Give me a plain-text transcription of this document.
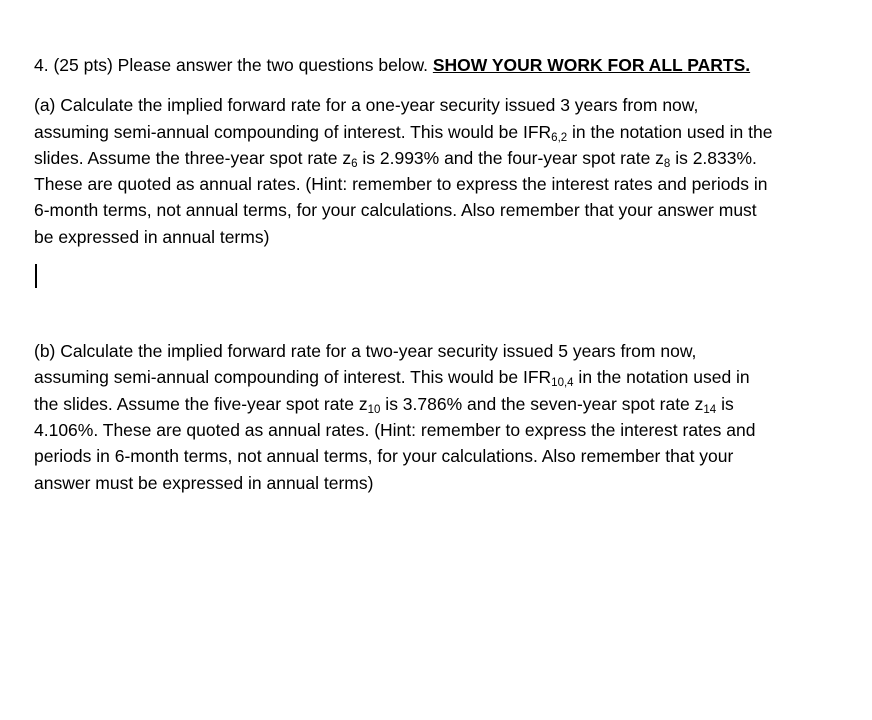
4. (25 pts) Please answer the two questions below. SHOW YOUR WORK FOR ALL PARTS.
(a) Calculate the implied forward rate for a one-year security issued 3 years from now,
assuming semi-annual compounding of interest. This would be $IFR_{6,2}$ in the notation used in the
slides. Assume the three-year spot rate $z_6$ is 2.993% and the four-year spot rate $z_8$ is 2.833%.
These are quoted as annual rates. (Hint: remember to express the interest rates and periods in
6-month terms, not annual terms, for your calculations. Also remember that your answer must
be expressed in annual terms)
(b) Calculate the implied forward rate for a two-year security issued 5 years from now,
assuming semi-annual compounding of interest. This would be $IFR_{10,4}$ in the notation used in
the slides. Assume the five-year spot rate $z_{10}$ is 3.786% and the seven-year spot rate $z_{14}$ is
4.106%. These are quoted as annual rates. (Hint: remember to express the interest rates and
periods in 6-month terms, not annual terms, for your calculations. Also remember that your
answer must be expressed in annual terms)
